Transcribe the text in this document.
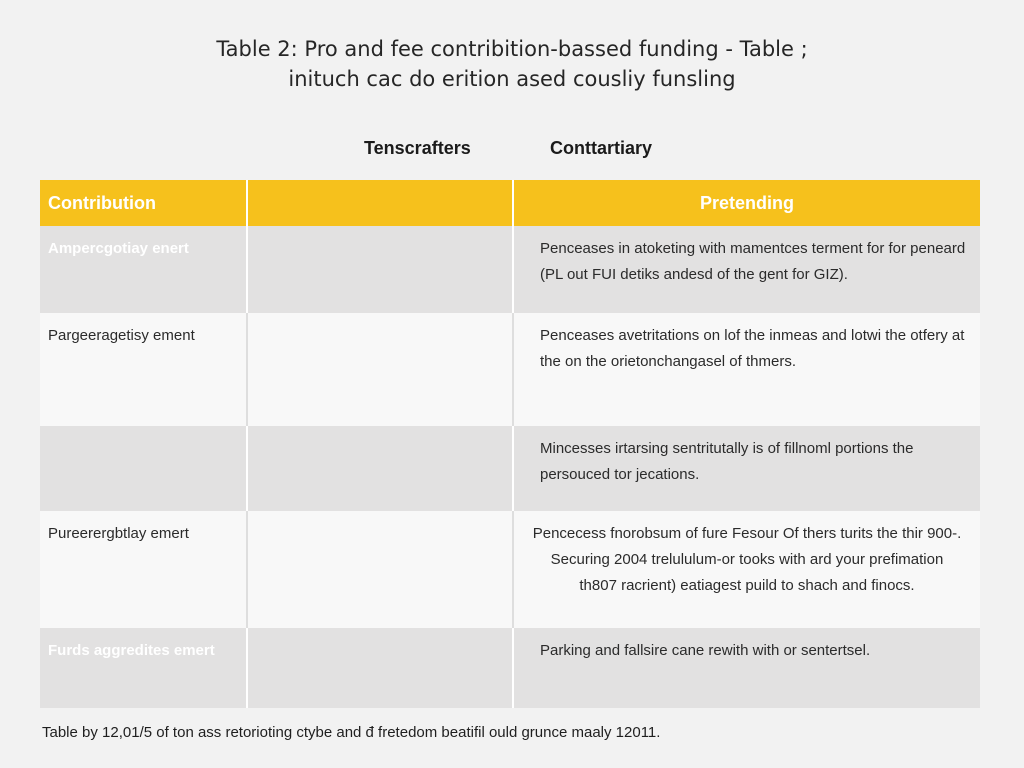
Table 2: Pro and fee contribition-bassed funding - Table ;
inituch cac do erition ased cousliy funsling
Tenscrafters	Conttartiary
Contribution		Pretending

Ampercgotiay enert		Penceases in atoketing with mamentces terment for for peneard (PL out FUI detiks andesd of the gent for GIZ).

Pargeeragetisy ement		Penceases avetritations on lof the inmeas and lotwi the otfery at the on the orietonchangasel of thmers.

		Mincesses irtarsing sentritutally is of fillnoml portions the persouced tor jecations.

Pureerergbtlay emert		Pencecess fnorobsum of fure Fesour Of thers turits the thir 900-. Securing 2004 trelululum-or tooks with ard your prefimation th807 racrient) eatiagest puild to shach and finocs.

Furds aggredites emert		Parking and fallsire cane rewith with or sentertsel.
Table by 12,01/5 of ton ass retorioting ctybe and đ fretedom beatifil ould grunce maaly 12011.
